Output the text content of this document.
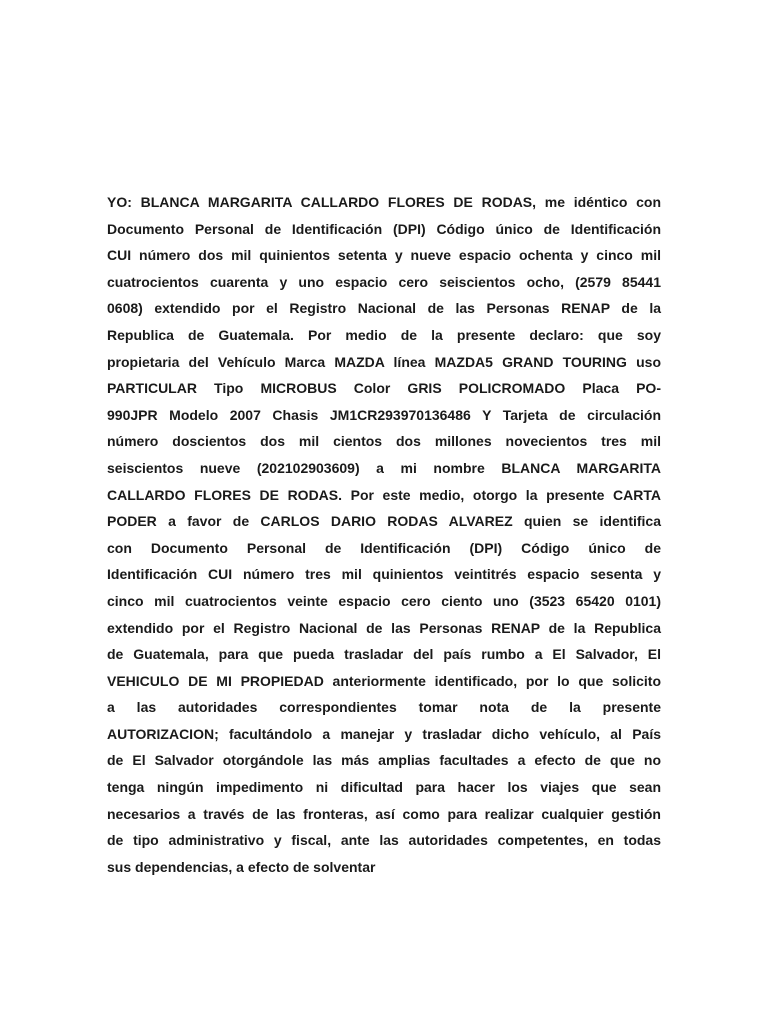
YO: BLANCA MARGARITA CALLARDO FLORES DE RODAS, me idéntico con
Documento Personal de Identificación (DPI) Código único de Identificación
CUI número dos mil quinientos setenta y nueve espacio ochenta y cinco mil
cuatrocientos cuarenta y uno espacio cero seiscientos ocho, (2579 85441
0608) extendido por el Registro Nacional de las Personas RENAP de la
Republica de Guatemala. Por medio de la presente declaro: que soy
propietaria del Vehículo Marca MAZDA línea MAZDA5 GRAND TOURING uso
PARTICULAR Tipo MICROBUS Color GRIS POLICROMADO Placa PO-
990JPR Modelo 2007 Chasis JM1CR293970136486 Y Tarjeta de circulación
número doscientos dos mil cientos dos millones novecientos tres mil
seiscientos nueve (202102903609) a mi nombre BLANCA MARGARITA
CALLARDO FLORES DE RODAS. Por este medio, otorgo la presente CARTA
PODER a favor de CARLOS DARIO RODAS ALVAREZ quien se identifica
con Documento Personal de Identificación (DPI) Código único de
Identificación CUI número tres mil quinientos veintitrés espacio sesenta y
cinco mil cuatrocientos veinte espacio cero ciento uno (3523 65420 0101)
extendido por el Registro Nacional de las Personas RENAP de la Republica
de Guatemala, para que pueda trasladar del país rumbo a El Salvador, El
VEHICULO DE MI PROPIEDAD anteriormente identificado, por lo que solicito
a las autoridades correspondientes tomar nota de la presente
AUTORIZACION; facultándolo a manejar y trasladar dicho vehículo, al País
de El Salvador otorgándole las más amplias facultades a efecto de que no
tenga ningún impedimento ni dificultad para hacer los viajes que sean
necesarios a través de las fronteras, así como para realizar cualquier gestión
de tipo administrativo y fiscal, ante las autoridades competentes, en todas
sus dependencias, a efecto de solventar
